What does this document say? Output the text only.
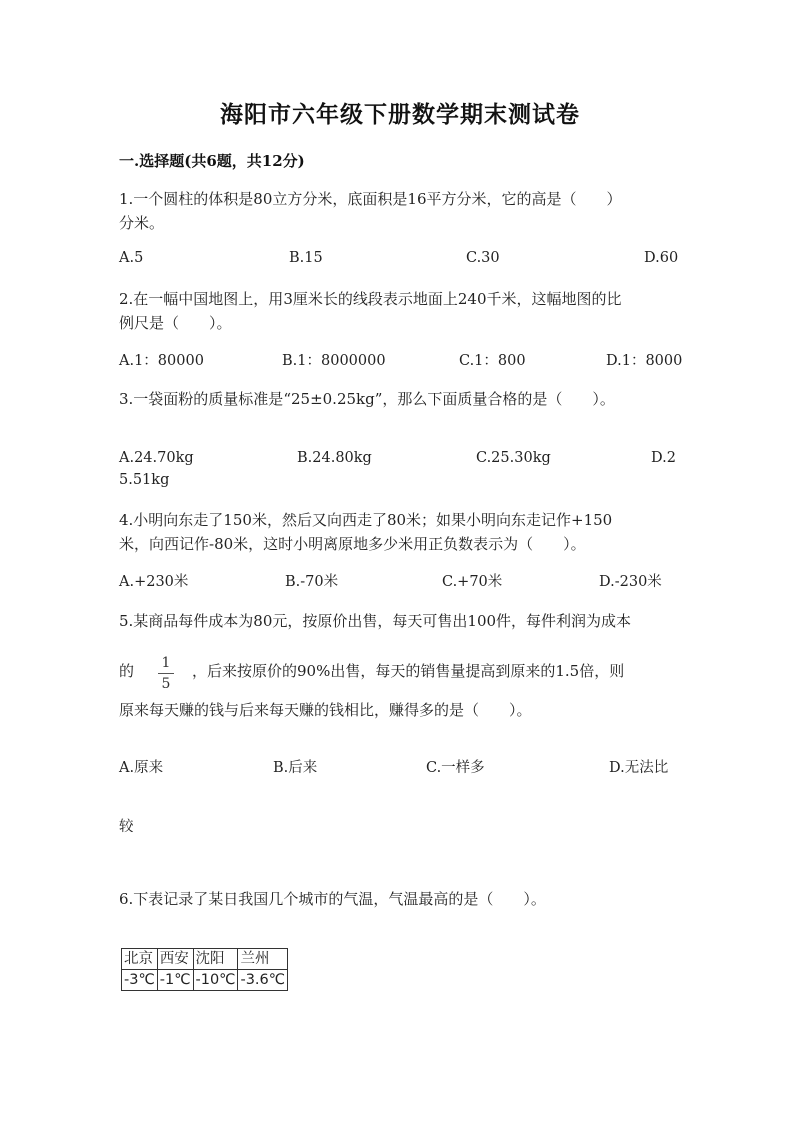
海阳市六年级下册数学期末测试卷
一.选择题(共6题，共12分)
1.一个圆柱的体积是80立方分米，底面积是16平方分米，它的高是（　　）
分米。
A.5	B.15	C.30	D.60
2.在一幅中国地图上，用3厘米长的线段表示地面上240千米，这幅地图的比
例尺是（　　）。
A.1：80000	B.1：8000000	C.1：800	D.1：8000
3.一袋面粉的质量标准是“25±0.25kg”，那么下面质量合格的是（　　）。
A.24.70kg	B.24.80kg	C.25.30kg	D.2
5.51kg
4.小明向东走了150米，然后又向西走了80米；如果小明向东走记作+150
米，向西记作-80米，这时小明离原地多少米用正负数表示为（　　）。
A.+230米	B.-70米	C.+70米	D.-230米
5.某商品每件成本为80元，按原价出售，每天可售出100件，每件利润为成本
的 1
5
，后来按原价的90%出售，每天的销售量提高到原来的1.5倍，则
原来每天赚的钱与后来每天赚的钱相比，赚得多的是（　　）。
A.原来	B.后来	C.一样多	D.无法比
较
6.下表记录了某日我国几个城市的气温，气温最高的是（　　）。
北京	西安	沈阳	兰州
-3℃	-1℃	-10℃	-3.6℃
